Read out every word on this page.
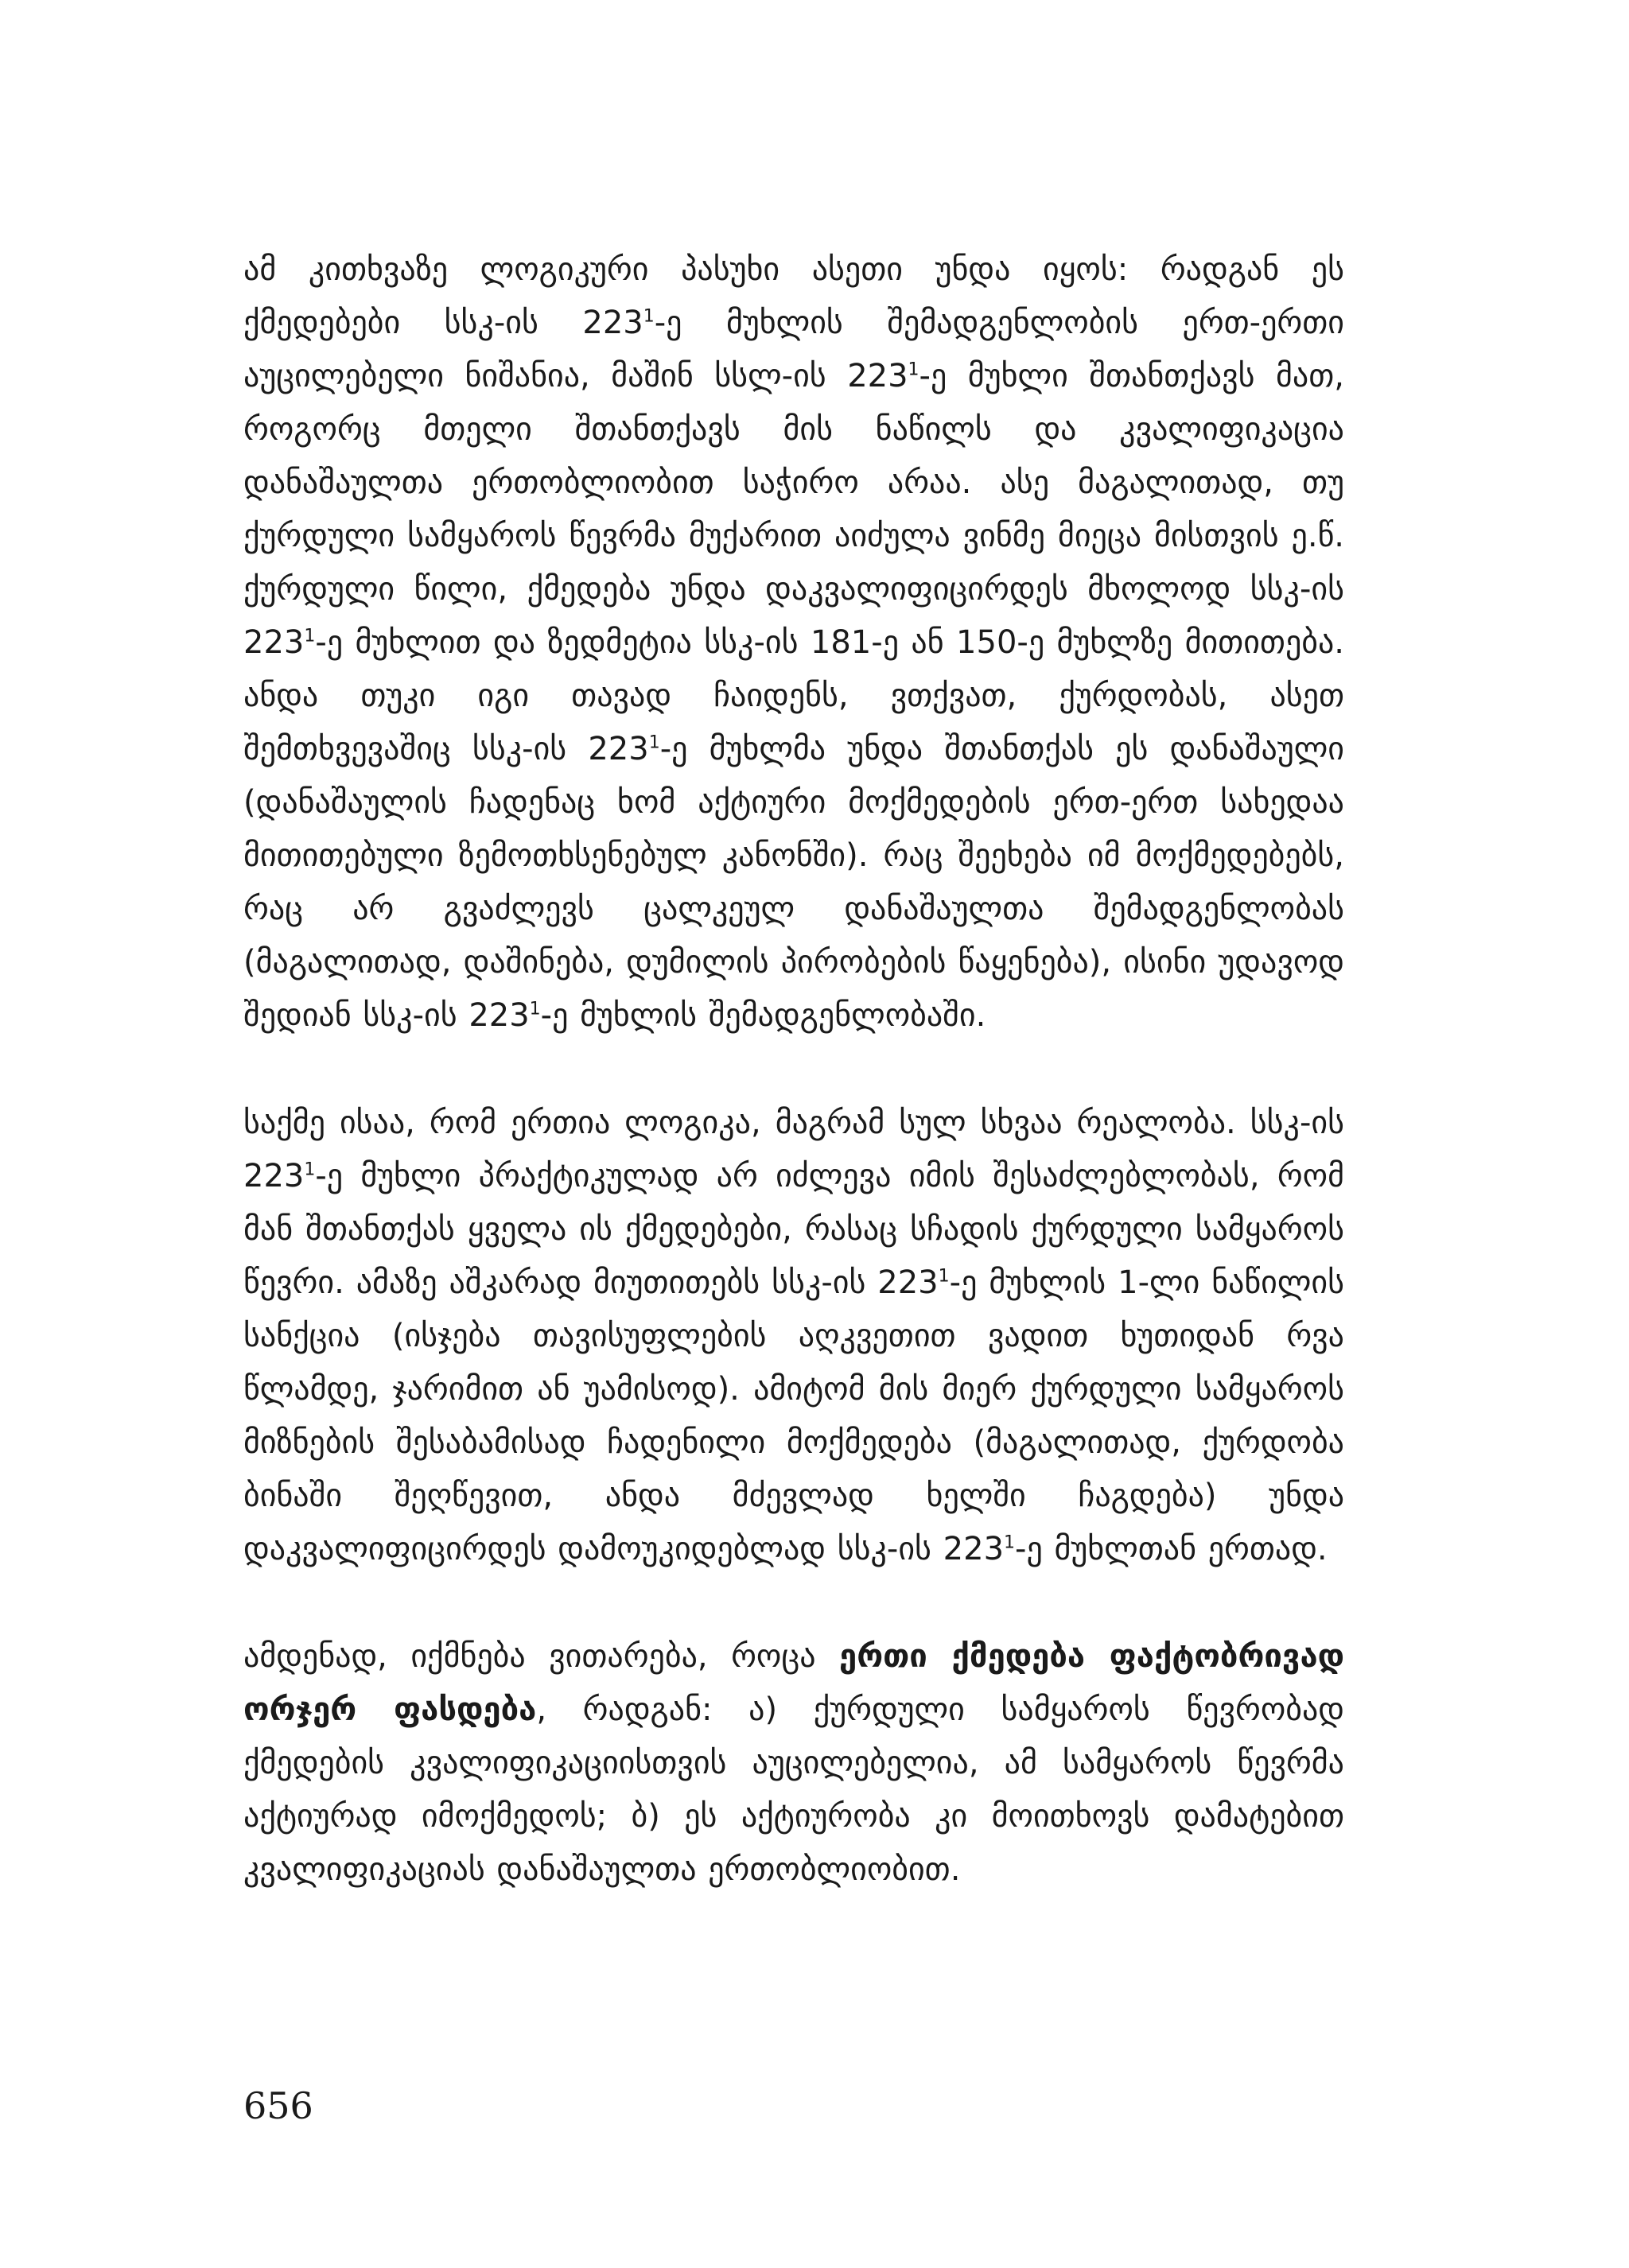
ამ კითხვაზე ლოგიკური პასუხი ასეთი უნდა იყოს: რადგან ეს ქმედებები სსკ-ის $223^1-ე$ მუხლის შემადგენლობის ერთ-ერთი აუცილებელი ნიშანია, მაშინ სსლ-ის $223^1-ე$ მუხლი შთანთქავს მათ, როგორც მთელი შთანთქავს მის ნაწილს და კვალიფიკაცია დანაშაულთა ერთობლიობით საჭირო არაა. ასე მაგალითად, თუ ქურდული სამყაროს წევრმა მუქარით აიძულა ვინმე მიეცა მისთვის ე.წ. ქურდული წილი, ქმედება უნდა დაკვალიფიცირდეს მხოლოდ სსკ-ის $223^1-ე$ მუხლით და ზედმეტია სსკ-ის 181-ე ან 150-ე მუხლზე მითითება. ანდა თუკი იგი თავად ჩაიდენს, ვთქვათ, ქურდობას, ასეთ შემთხვევაშიც სსკ-ის $223^1-ე$ მუხლმა უნდა შთანთქას ეს დანაშაული (დანაშაულის ჩადენაც ხომ აქტიური მოქმედების ერთ-ერთ სახედაა მითითებული ზემოთხსენებულ კანონში). რაც შეეხება იმ მოქმედებებს, რაც არ გვაძლევს ცალკეულ დანაშაულთა შემადგენლობას (მაგალითად, დაშინება, დუმილის პირობების წაყენება), ისინი უდავოდ შედიან სსკ-ის $223^1-ე$ მუხლის შემადგენლობაში.

საქმე ისაა, რომ ერთია ლოგიკა, მაგრამ სულ სხვაა რეალობა. სსკ-ის $223^1-ე$ მუხლი პრაქტიკულად არ იძლევა იმის შესაძლებლობას, რომ მან შთანთქას ყველა ის ქმედებები, რასაც სჩადის ქურდული სამყაროს წევრი. ამაზე აშკარად მიუთითებს სსკ-ის $223^1-ე$ მუხლის 1-ლი ნაწილის სანქცია (ისჯება თავისუფლების აღკვეთით ვადით ხუთიდან რვა წლამდე, ჯარიმით ან უამისოდ). ამიტომ მის მიერ ქურდული სამყაროს მიზნების შესაბამისად ჩადენილი მოქმედება (მაგალითად, ქურდობა ბინაში შეღწევით, ანდა მძევლად ხელში ჩაგდება) უნდა დაკვალიფიცირდეს დამოუკიდებლად სსკ-ის $223^1-ე$ მუხლთან ერთად.

ამდენად, იქმნება ვითარება, როცა ერთი ქმედება ფაქტობრივად ორჯერ ფასდება, რადგან: ა) ქურდული სამყაროს წევრობად ქმედების კვალიფიკაციისთვის აუცილებელია, ამ სამყაროს წევრმა აქტიურად იმოქმედოს; ბ) ეს აქტიურობა კი მოითხოვს დამატებით კვალიფიკაციას დანაშაულთა ერთობლიობით.

656
